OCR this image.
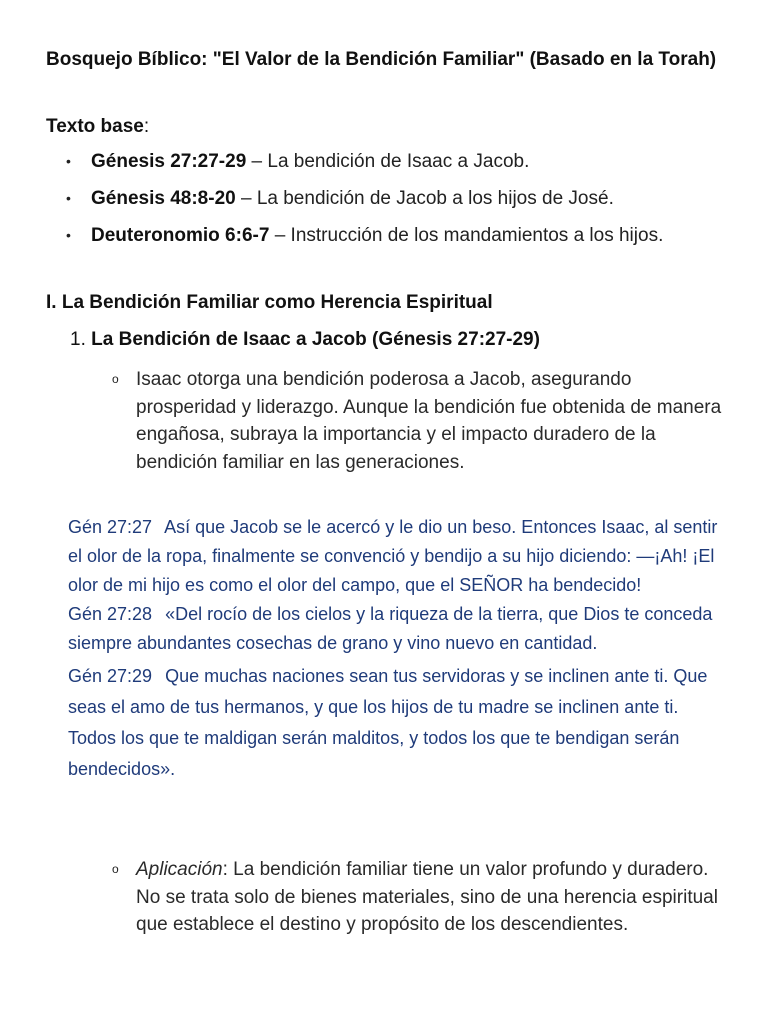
Bosquejo Bíblico: "El Valor de la Bendición Familiar" (Basado en la Torah)
Texto base:
• Génesis 27:27-29 – La bendición de Isaac a Jacob.
• Génesis 48:8-20 – La bendición de Jacob a los hijos de José.
• Deuteronomio 6:6-7 – Instrucción de los mandamientos a los hijos.
I. La Bendición Familiar como Herencia Espiritual
1. La Bendición de Isaac a Jacob (Génesis 27:27-29)
o Isaac otorga una bendición poderosa a Jacob, asegurando prosperidad y liderazgo. Aunque la bendición fue obtenida de manera engañosa, subraya la importancia y el impacto duradero de la bendición familiar en las generaciones.

Gén 27:27 Así que Jacob se le acercó y le dio un beso. Entonces Isaac, al sentir el olor de la ropa, finalmente se convenció y bendijo a su hijo diciendo: —¡Ah! ¡El olor de mi hijo es como el olor del campo, que el SEÑOR ha bendecido!

Gén 27:28 «Del rocío de los cielos y la riqueza de la tierra, que Dios te conceda siempre abundantes cosechas de grano y vino nuevo en cantidad.

Gén 27:29 Que muchas naciones sean tus servidoras y se inclinen ante ti. Que seas el amo de tus hermanos, y que los hijos de tu madre se inclinen ante ti. Todos los que te maldigan serán malditos, y todos los que te bendigan serán bendecidos».

o Aplicación: La bendición familiar tiene un valor profundo y duradero. No se trata solo de bienes materiales, sino de una herencia espiritual que establece el destino y propósito de los descendientes.
